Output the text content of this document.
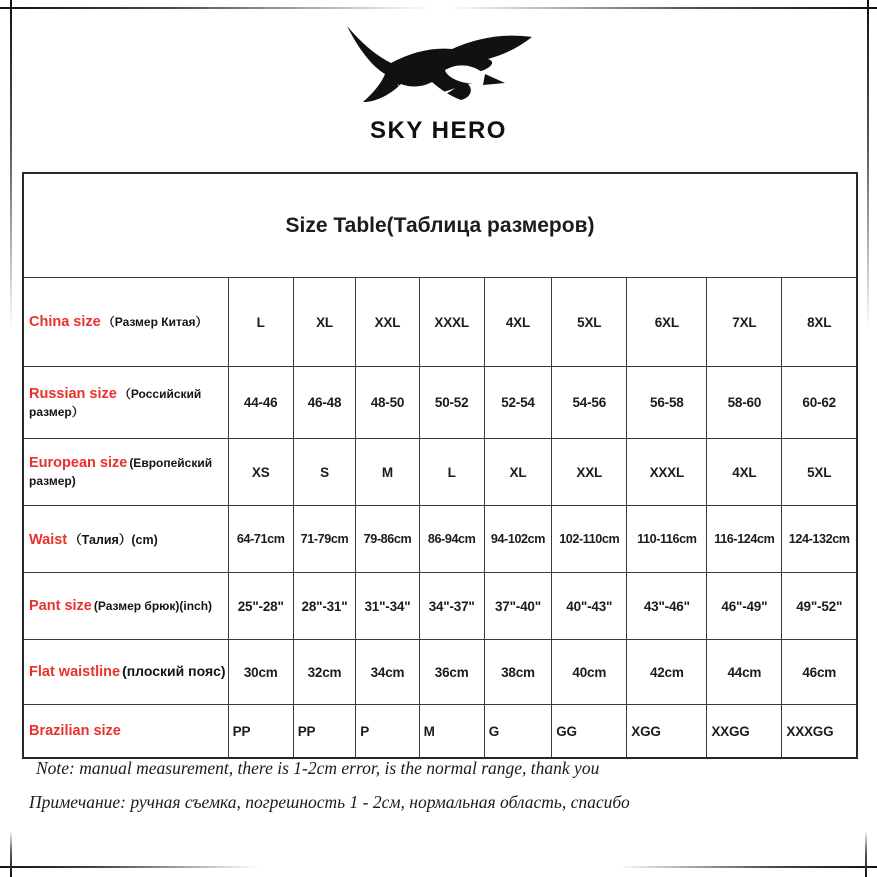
SKY HERO
Size Table(Таблица размеров)									
China size （Размер Китая）	L	XL	XXL	XXXL	4XL	5XL	6XL	7XL	8XL
Russian size （Российский размер）	44-46	46-48	48-50	50-52	52-54	54-56	56-58	58-60	60-62
European size (Европейский размер)	XS	S	M	L	XL	XXL	XXXL	4XL	5XL
Waist （Талия）(cm)	64-71cm	71-79cm	79-86cm	86-94cm	94-102cm	102-110cm	110-116cm	116-124cm	124-132cm
Pant size (Размер брюк)(inch)	25"-28"	28"-31"	31"-34"	34"-37"	37"-40"	40"-43"	43"-46"	46"-49"	49"-52"
Flat waistline (плоский пояс)	30cm	32cm	34cm	36cm	38cm	40cm	42cm	44cm	46cm
Brazilian size	PP	PP	P	M	G	GG	XGG	XXGG	XXXGG
Note: manual measurement, there is 1-2cm error, is the normal range, thank you
Примечание: ручная съемка, погрешность 1 - 2см, нормальная область, спасибо
